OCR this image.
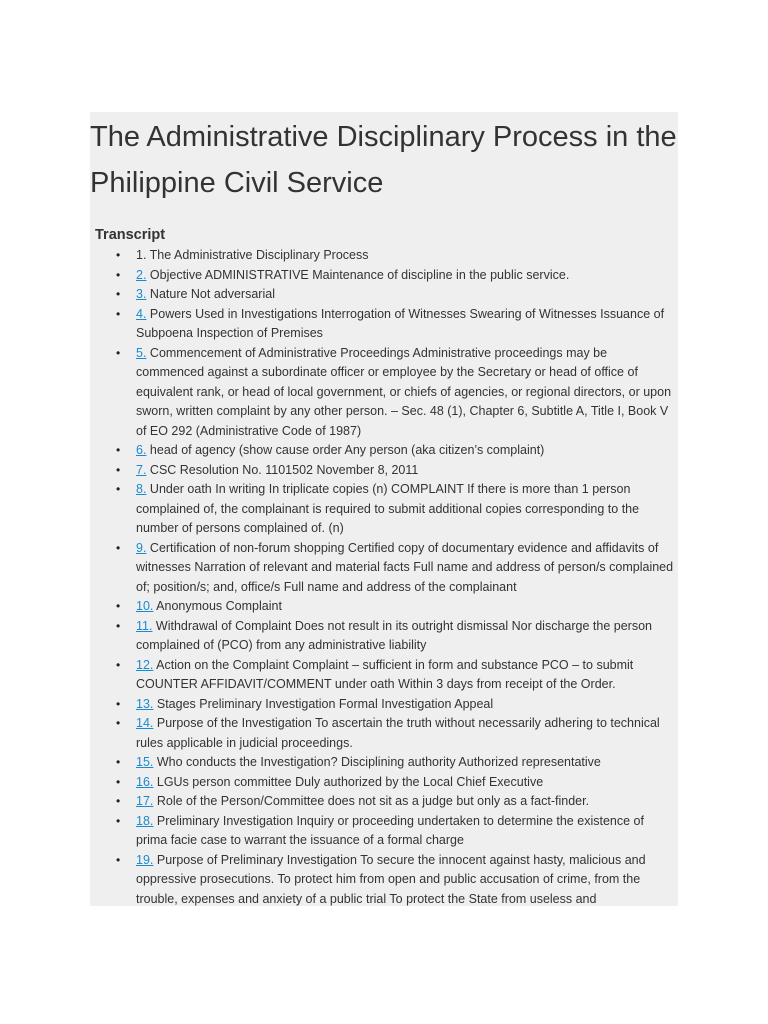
The Administrative Disciplinary Process in the Philippine Civil Service
Transcript
• 1. The Administrative Disciplinary Process
• 2. Objective ADMINISTRATIVE Maintenance of discipline in the public service.
• 3. Nature Not adversarial
• 4. Powers Used in Investigations Interrogation of Witnesses Swearing of Witnesses Issuance of Subpoena Inspection of Premises
• 5. Commencement of Administrative Proceedings Administrative proceedings may be commenced against a subordinate officer or employee by the Secretary or head of office of equivalent rank, or head of local government, or chiefs of agencies, or regional directors, or upon sworn, written complaint by any other person. – Sec. 48 (1), Chapter 6, Subtitle A, Title I, Book V of EO 292 (Administrative Code of 1987)
• 6. head of agency (show cause order Any person (aka citizen’s complaint)
• 7. CSC Resolution No. 1101502 November 8, 2011
• 8. Under oath In writing In triplicate copies (n) COMPLAINT If there is more than 1 person complained of, the complainant is required to submit additional copies corresponding to the number of persons complained of. (n)
• 9. Certification of non-forum shopping Certified copy of documentary evidence and affidavits of witnesses Narration of relevant and material facts Full name and address of person/s complained of; position/s; and, office/s Full name and address of the complainant
• 10. Anonymous Complaint
• 11. Withdrawal of Complaint Does not result in its outright dismissal Nor discharge the person complained of (PCO) from any administrative liability
• 12. Action on the Complaint Complaint – sufficient in form and substance PCO – to submit COUNTER AFFIDAVIT/COMMENT under oath Within 3 days from receipt of the Order.
• 13. Stages Preliminary Investigation Formal Investigation Appeal
• 14. Purpose of the Investigation To ascertain the truth without necessarily adhering to technical rules applicable in judicial proceedings.
• 15. Who conducts the Investigation? Disciplining authority Authorized representative
• 16. LGUs person committee Duly authorized by the Local Chief Executive
• 17. Role of the Person/Committee does not sit as a judge but only as a fact-finder.
• 18. Preliminary Investigation Inquiry or proceeding undertaken to determine the existence of prima facie case to warrant the issuance of a formal charge
• 19. Purpose of Preliminary Investigation To secure the innocent against hasty, malicious and oppressive prosecutions. To protect him from open and public accusation of crime, from the trouble, expenses and anxiety of a public trial To protect the State from useless and
